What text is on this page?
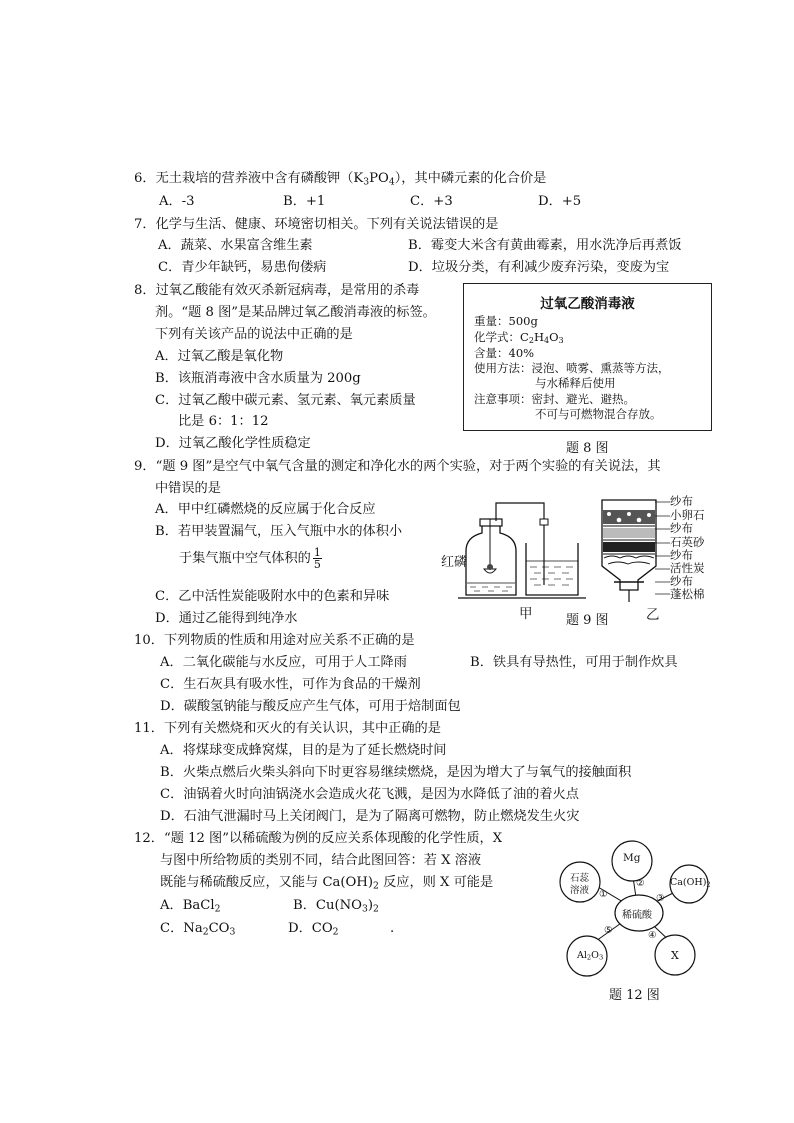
6．无土栽培的营养液中含有磷酸钾$(K_3PO_4)$，其中磷元素的化合价是
A．-3	B．+1	C．+3	D．+5
7．化学与生活、健康、环境密切相关。下列有关说法错误的是
A．蔬菜、水果富含维生素	B．霉变大米含有黄曲霉素，用水洗净后再煮饭
C．青少年缺钙，易患佝偻病	D．垃圾分类，有利减少废弃污染，变废为宝
8．过氧乙酸能有效灭杀新冠病毒，是常用的杀毒
剂。“题 8 图”是某品牌过氧乙酸消毒液的标签。
下列有关该产品的说法中正确的是
A．过氧乙酸是氧化物
B．该瓶消毒液中含水质量为 200g
C．过氧乙酸中碳元素、氢元素、氧元素质量
比是 6：1：12
D．过氧乙酸化学性质稳定
过氧乙酸消毒液
重量：500g
化学式：$C_2H_4O_3$
含量：40%
使用方法：浸泡、喷雾、熏蒸等方法，
与水稀释后使用
注意事项：密封、避光、避热。
不可与可燃物混合存放。
题 8 图
9．“题 9 图”是空气中氧气含量的测定和净化水的两个实验，对于两个实验的有关说法，其
中错误的是
A．甲中红磷燃烧的反应属于化合反应
B．若甲装置漏气，压入气瓶中水的体积小
于集气瓶中空气体积的 $\frac{1}{5}$
C．乙中活性炭能吸附水中的色素和异味
D．通过乙能得到纯净水
红磷
甲
纱布
小卵石
纱布
石英砂
纱布
活性炭
纱布
蓬松棉
题 9 图	乙
10．下列物质的性质和用途对应关系不正确的是
A．二氧化碳能与水反应，可用于人工降雨	B．铁具有导热性，可用于制作炊具
C．生石灰具有吸水性，可作为食品的干燥剂
D．碳酸氢钠能与酸反应产生气体，可用于焙制面包
11．下列有关燃烧和灭火的有关认识，其中正确的是
A．将煤球变成蜂窝煤，目的是为了延长燃烧时间
B．火柴点燃后火柴头斜向下时更容易继续燃烧，是因为增大了与氧气的接触面积
C．油锅着火时向油锅浇水会造成火花飞溅，是因为水降低了油的着火点
D．石油气泄漏时马上关闭阀门，是为了隔离可燃物，防止燃烧发生火灾
12．“题 12 图”以稀硫酸为例的反应关系体现酸的化学性质，X
与图中所给物质的类别不同，结合此图回答：若 X 溶液
既能与稀硫酸反应，又能与 $Ca(OH)_2$ 反应，则 X 可能是
A．BaCl$_2$	B．$Cu(NO_3)_2$
C．$Na_2CO_3$	D．$CO_2$	.
Mg
$Ca(OH)_2$
X
$Al_2O_3$
石蕊
溶液
稀硫酸
①
②
③
④
⑤
题 12 图
